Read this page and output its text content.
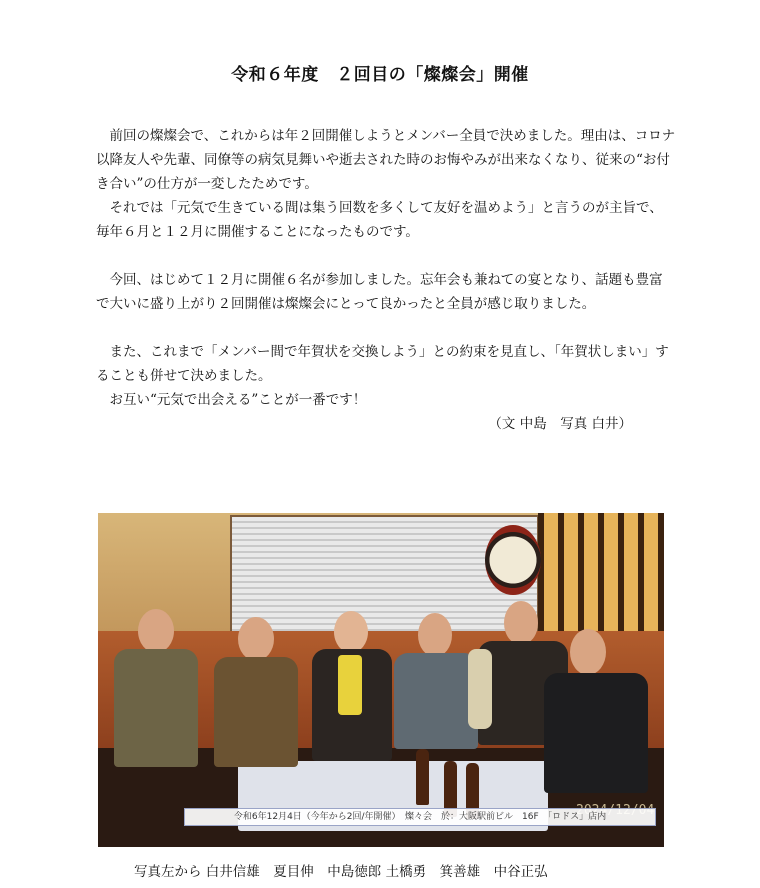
令和６年度　２回目の「燦燦会」開催

前回の燦燦会で、これからは年２回開催しようとメンバー全員で決めました。理由は、コロナ以降友人や先輩、同僚等の病気見舞いや逝去された時のお悔やみが出来なくなり、従来の“お付き合い”の仕方が一変したためです。

それでは「元気で生きている間は集う回数を多くして友好を温めよう」と言うのが主旨で、毎年６月と１２月に開催することになったものです。

今回、はじめて１２月に開催６名が参加しました。忘年会も兼ねての宴となり、話題も豊富で大いに盛り上がり２回開催は燦燦会にとって良かったと全員が感じ取りました。

また、これまで「メンバー間で年賀状を交換しよう」との約束を見直し、「年賀状しまい」することも併せて決めました。

お互い“元気で出会える”ことが一番です！

（文 中島　写真 白井）

令和6年12月4日（今年から2回/年開催）　燦々会　於：大阪駅前ビル　16F　「ロドス」店内
写真左から 白井信雄　夏目伸　中島徳郎 土橋勇　箕善雄　中谷正弘
